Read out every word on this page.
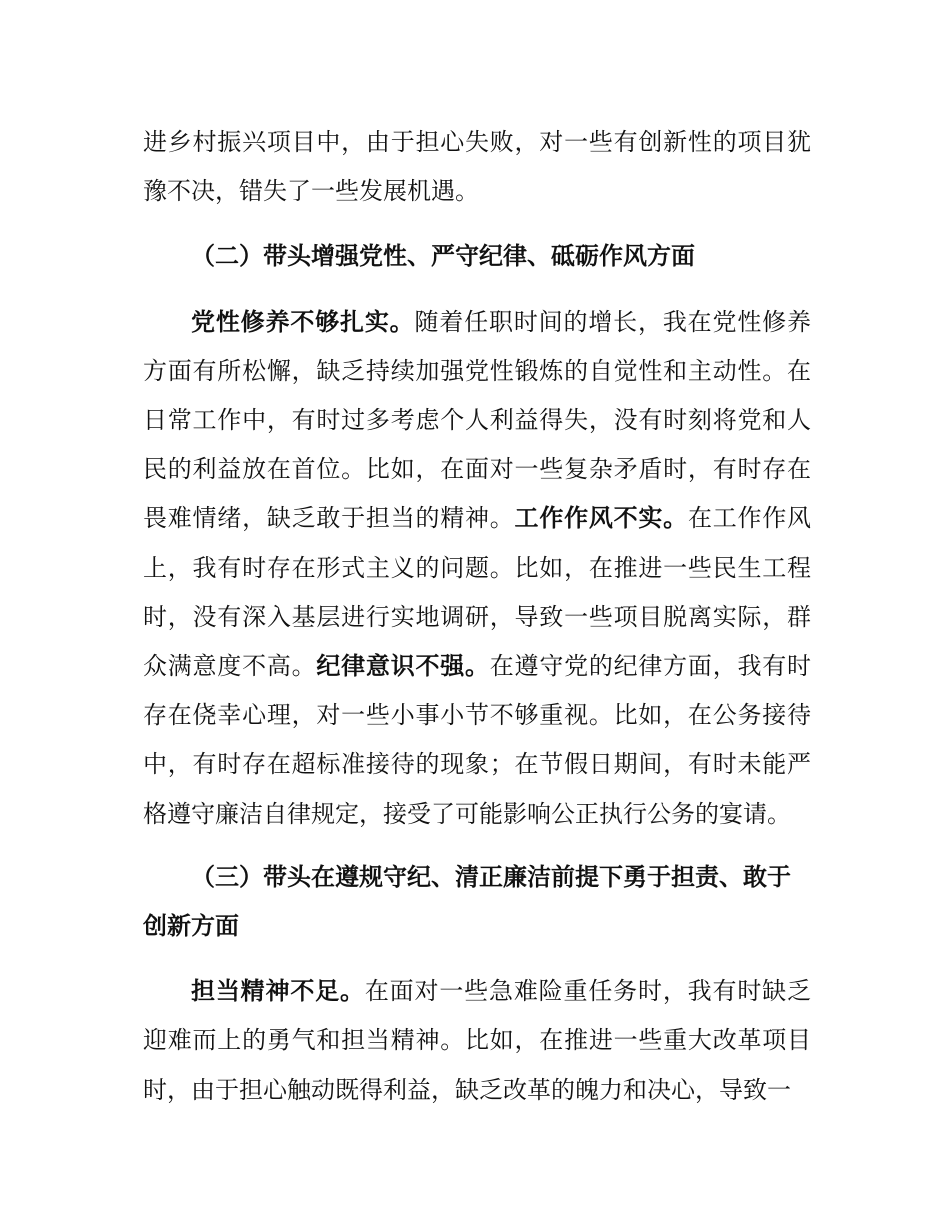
进乡村振兴项目中，由于担心失败，对一些有创新性的项目犹豫不决，错失了一些发展机遇。

（二）带头增强党性、严守纪律、砥砺作风方面

党性修养不够扎实。随着任职时间的增长，我在党性修养方面有所松懈，缺乏持续加强党性锻炼的自觉性和主动性。在日常工作中，有时过多考虑个人利益得失，没有时刻将党和人民的利益放在首位。比如，在面对一些复杂矛盾时，有时存在畏难情绪，缺乏敢于担当的精神。工作作风不实。在工作作风上，我有时存在形式主义的问题。比如，在推进一些民生工程时，没有深入基层进行实地调研，导致一些项目脱离实际，群众满意度不高。纪律意识不强。在遵守党的纪律方面，我有时存在侥幸心理，对一些小事小节不够重视。比如，在公务接待中，有时存在超标准接待的现象；在节假日期间，有时未能严格遵守廉洁自律规定，接受了可能影响公正执行公务的宴请。

（三）带头在遵规守纪、清正廉洁前提下勇于担责、敢于创新方面

担当精神不足。在面对一些急难险重任务时，我有时缺乏迎难而上的勇气和担当精神。比如，在推进一些重大改革项目时，由于担心触动既得利益，缺乏改革的魄力和决心，导致一
